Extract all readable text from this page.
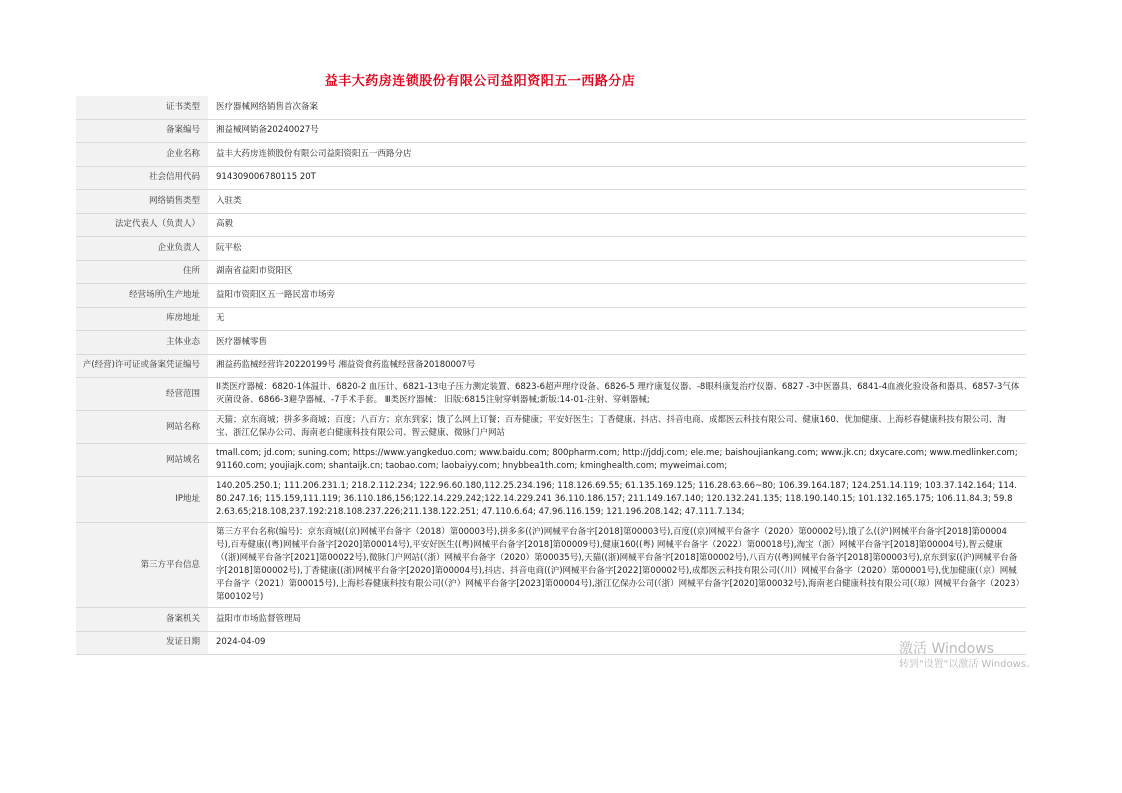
益丰大药房连锁股份有限公司益阳资阳五一西路分店
证书类型	医疗器械网络销售首次备案
备案编号	湘益械网销备20240027号
企业名称	益丰大药房连锁股份有限公司益阳资阳五一西路分店
社会信用代码	914309006780115 20T
网络销售类型	入驻类
法定代表人（负责人）	高毅
企业负责人	阮平松
住所	湖南省益阳市资阳区
经营场所\生产地址	益阳市资阳区五一路民富市场旁
库房地址	无
主体业态	医疗器械零售
产(经营)许可证或备案凭证编号	湘益药监械经营许20220199号 湘益资食药监械经营备20180007号
经营范围	II类医疗器械：6820-1体温计、6820-2 血压计、6821-13电子压力测定装置、6823-6超声理疗设备、6826-5 理疗康复仪器、-8眼科康复治疗仪器、6827 -3中医器具、6841-4血液化验设备和器具、6857-3气体灭菌设备、6866-3避孕器械、-7手术手套。 Ⅲ类医疗器械： 旧版:6815注射穿刺器械;新版:14-01-注射、穿刺器械;
网站名称	天猫；京东商城；拼多多商城；百度；八百方；京东到家；饿了么网上订餐；百寿健康；平安好医生；丁香健康、抖店、抖音电商、成都医云科技有限公司、健康160、优加健康、上海杉春健康科技有限公司、淘宝、浙江亿保办公司、海南老白健康科技有限公司、智云健康、微脉门户网站
网站域名	tmall.com; jd.com; suning.com; https://www.yangkeduo.com; www.baidu.com; 800pharm.com; http://jddj.com; ele.me; baishoujiankang.com; www.jk.cn; dxycare.com; www.medlinker.com; 91160.com; youjiajk.com; shantaijk.cn; taobao.com; laobaiyy.com; hnybbea1th.com; kminghealth.com; myweimai.com;
IP地址	140.205.250.1; 111.206.231.1; 218.2.112.234; 122.96.60.180,112.25.234.196; 118.126.69.55; 61.135.169.125; 116.28.63.66~80; 106.39.164.187; 124.251.14.119; 103.37.142.164; 114.80.247.16; 115.159,111.119; 36.110.186,156;122.14.229.242;122.14.229.241 36.110.186.157; 211.149.167.140; 120.132.241.135; 118.190.140.15; 101.132.165.175; 106.11.84.3; 59.82.63.65;218.108,237.192:218.108.237.226;211.138.122.251; 47.110.6.64; 47.96.116.159; 121.196.208.142; 47.111.7.134;
第三方平台信息	第三方平台名称(编号)：京东商城((京)网械平台备字（2018）第00003号),拼多多((沪)网械平台备字[2018]第00003号),百度((京)网械平台备字（2020）第00002号),饿了么((沪)网械平台备字[2018]第00004号),百寿健康((粤)网械平台备字[2020]第00014号),平安好医生((粤)网械平台备字[2018]第00009号),健康160((粤) 网械平台备字（2022）第00018号),淘宝（浙）网械平台备字[2018]第00004号),智云健康（(浙)网械平台备字[2021]第00022号),微脉门户网站(（浙）网械平台备字（2020）第00035号),天猫((浙)网械平台备字[2018]第00002号),八百方((粤)网械平台备字[2018]第00003号),京东到家((沪)网械平台备字[2018]第00002号),丁香健康((浙)网械平台备字[2020]第00004号),抖店、抖音电商((沪)网械平台备字[2022]第00002号),成都医云科技有限公司(（川）网械平台备字（2020）第00001号),优加健康(（京）网械平台备字（2021）第00015号),上海杉春健康科技有限公司(（沪）网械平台备字[2023]第00004号),浙江亿保办公司(（浙）网械平台备字[2020]第00032号),海南老白健康科技有限公司(（琼）网械平台备字（2023）第00102号)
备案机关	益阳市市场监督管理局
发证日期	2024-04-09	激活 Windows
转到"设置"以激活 Windows。
